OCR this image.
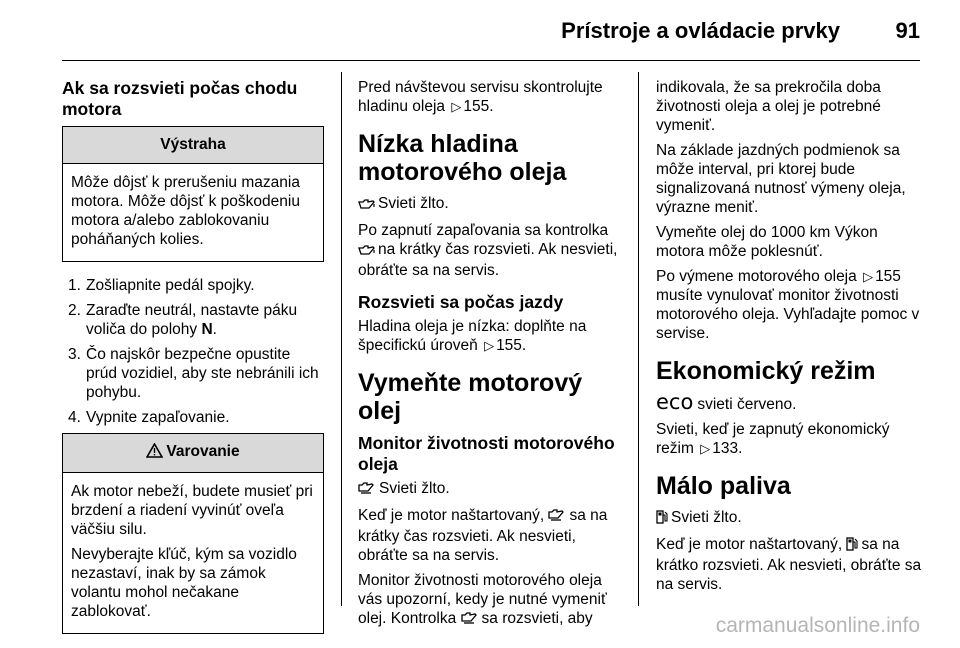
Prístroje a ovládacie prvky	91
Ak sa rozsvieti počas chodu motora
Výstraha

Môže dôjsť k prerušeniu mazania motora. Môže dôjsť k poškodeniu motora a/alebo zablokovaniu poháňaných kolies.

1. Zošliapnite pedál spojky.
2. Zaraďte neutrál, nastavte páku voliča do polohy N.
3. Čo najskôr bezpečne opustite prúd vozidiel, aby ste nebránili ich pohybu.
4. Vypnite zapaľovanie.
Varovanie

Ak motor nebeží, budete musieť pri brzdení a riadení vyvinúť oveľa väčšiu silu.

Nevyberajte kľúč, kým sa vozidlo nezastaví, inak by sa zámok volantu mohol nečakane zablokovať.

Pred návštevou servisu skontrolujte hladinu oleja ▷ 155.

Nízka hladina motorového oleja

Svieti žlto.

Po zapnutí zapaľovania sa kontrolka
na krátky čas rozsvieti. Ak nesvieti, obráťte sa na servis.

Rozsvieti sa počas jazdy

Hladina oleja je nízka: doplňte na špecifickú úroveň ▷ 155.

Vymeňte motorový olej
Monitor životnosti motorového oleja

Svieti žlto.

Keď je motor naštartovaný, sa na krátky čas rozsvieti. Ak nesvieti, obráťte sa na servis.

Monitor životnosti motorového oleja vás upozorní, kedy je nutné vymeniť olej. Kontrolka sa rozsvieti, aby

indikovala, že sa prekročila doba životnosti oleja a olej je potrebné vymeniť.

Na základe jazdných podmienok sa môže interval, pri ktorej bude signalizovaná nutnosť výmeny oleja, výrazne meniť.

Vymeňte olej do 1000 km Výkon motora môže poklesnúť.

Po výmene motorového oleja ▷ 155 musíte vynulovať monitor životnosti motorového oleja. Vyhľadajte pomoc v servise.

Ekonomický režim

eco svieti červeno.

Svieti, keď je zapnutý ekonomický režim ▷ 133.

Málo paliva

Svieti žlto.

Keď je motor naštartovaný, sa na krátko rozsvieti. Ak nesvieti, obráťte sa na servis.

carmanualsonline.info
